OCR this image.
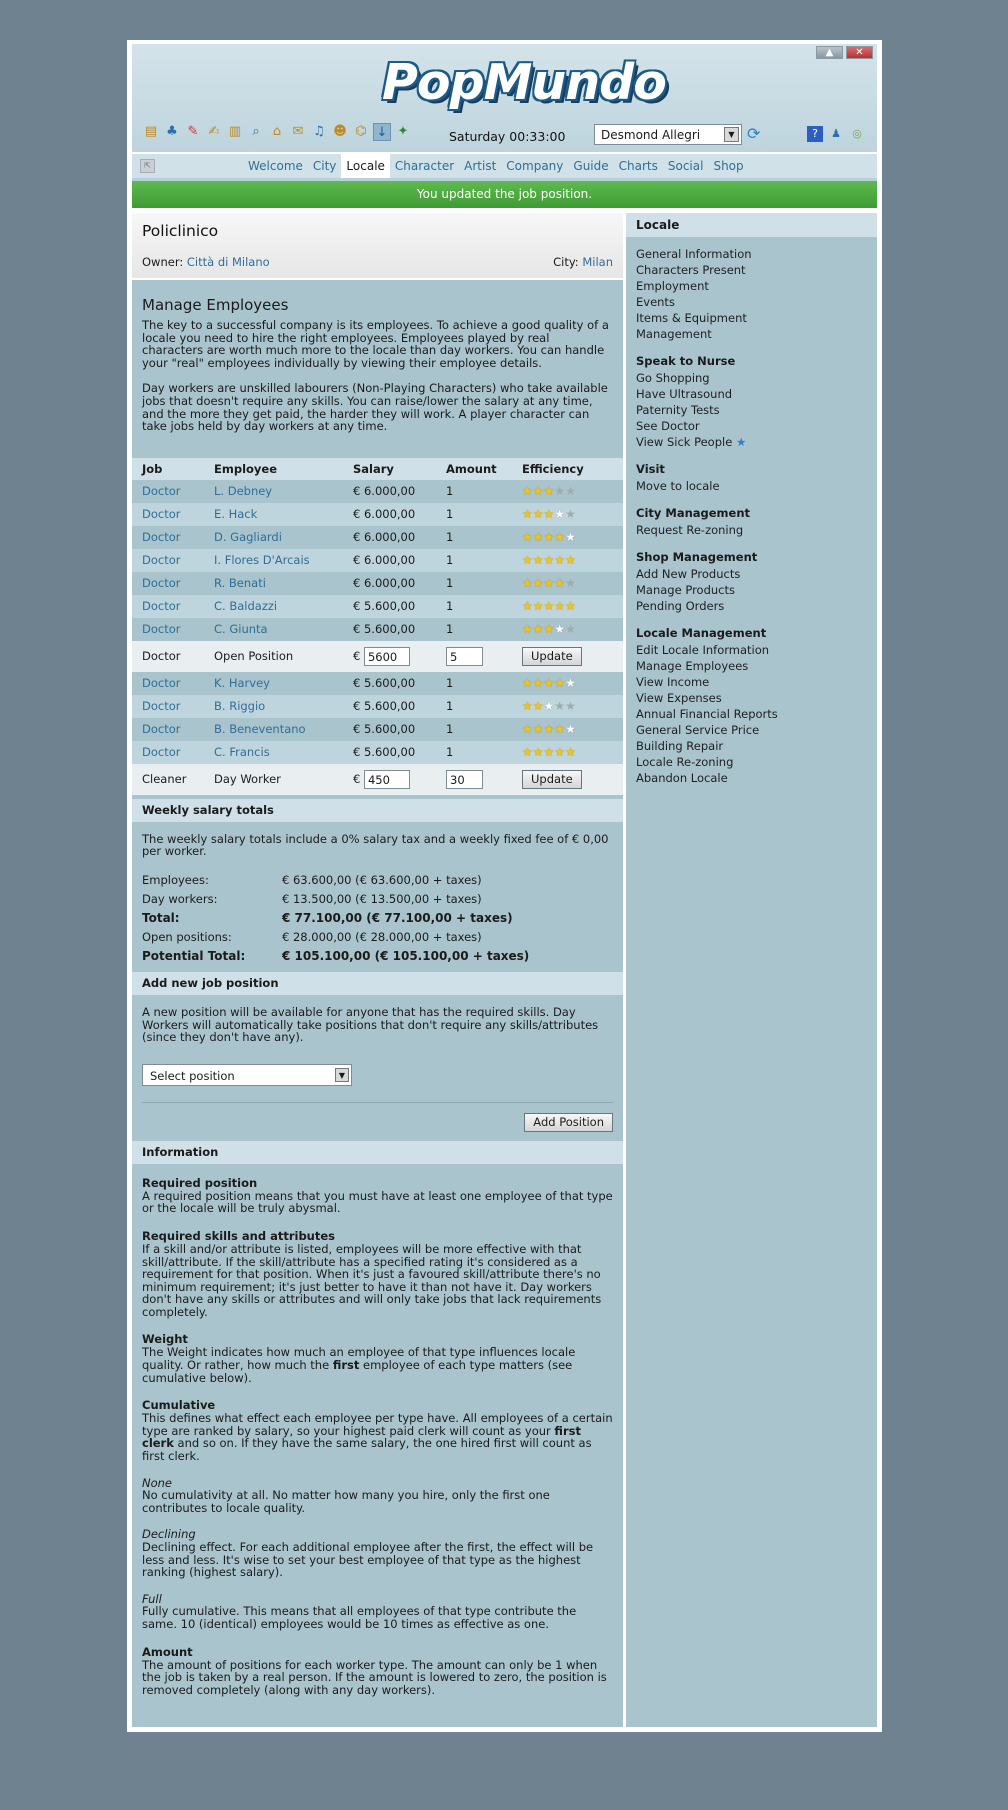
▲	✕
PopMundo
▤ ♣ ✎ ✍ ▥ ⌕	⌂ ✉ ♫ ☻ ⌬ ↓ ✦	Saturday 00:33:00	Desmond Allegri	▼ ⟳	?	♟ ◎
⇱	Welcome City Locale Character Artist Company Guide Charts Social Shop
You updated the job position.
Policlinico
Owner: Città di Milano	City: Milan
Manage Employees

The key to a successful company is its employees. To achieve a good quality of a locale you need to hire the right employees. Employees played by real characters are worth much more to the locale than day workers. You can handle your "real" employees individually by viewing their employee details.

Day workers are unskilled labourers (Non-Playing Characters) who take available jobs that doesn't require any skills. You can raise/lower the salary at any time, and the more they get paid, the harder they will work. A player character can take jobs held by day workers at any time.

Job	Employee	Salary	Amount	Efficiency
Doctor	L. Debney	€ 6.000,00	1	★★★★★
Doctor	E. Hack	€ 6.000,00	1	★★★★★
Doctor	D. Gagliardi	€ 6.000,00	1	★★★★★
Doctor	I. Flores D'Arcais	€ 6.000,00	1	★★★★★
Doctor	R. Benati	€ 6.000,00	1	★★★★★
Doctor	C. Baldazzi	€ 5.600,00	1	★★★★★
Doctor	C. Giunta	€ 5.600,00	1	★★★★★
Doctor	Open Position	€ 5600	5	Update
Doctor	K. Harvey	€ 5.600,00	1	★★★★★
Doctor	B. Riggio	€ 5.600,00	1	★★★★★
Doctor	B. Beneventano	€ 5.600,00	1	★★★★★
Doctor	C. Francis	€ 5.600,00	1	★★★★★
Cleaner	Day Worker	€ 450	30	Update
Weekly salary totals

The weekly salary totals include a 0% salary tax and a weekly fixed fee of € 0,00 per worker.

Employees:	€ 63.600,00 (€ 63.600,00 + taxes)
Day workers:	€ 13.500,00 (€ 13.500,00 + taxes)
Total:	€ 77.100,00 (€ 77.100,00 + taxes)
Open positions:	€ 28.000,00 (€ 28.000,00 + taxes)
Potential Total:	€ 105.100,00 (€ 105.100,00 + taxes)
Add new job position

A new position will be available for anyone that has the required skills. Day Workers will automatically take positions that don't require any skills/attributes (since they don't have any).

Select position	▼
Add Position
Information
Required position

A required position means that you must have at least one employee of that type or the locale will be truly abysmal.

Required skills and attributes

If a skill and/or attribute is listed, employees will be more effective with that skill/attribute. If the skill/attribute has a specified rating it's considered as a requirement for that position. When it's just a favoured skill/attribute there's no minimum requirement; it's just better to have it than not have it. Day workers don't have any skills or attributes and will only take jobs that lack requirements completely.

Weight

The Weight indicates how much an employee of that type influences locale quality. Or rather, how much the first employee of each type matters (see cumulative below).

Cumulative

This defines what effect each employee per type have. All employees of a certain type are ranked by salary, so your highest paid clerk will count as your first clerk and so on. If they have the same salary, the one hired first will count as first clerk.

None

No cumulativity at all. No matter how many you hire, only the first one contributes to locale quality.

Declining

Declining effect. For each additional employee after the first, the effect will be less and less. It's wise to set your best employee of that type as the highest ranking (highest salary).

Full

Fully cumulative. This means that all employees of that type contribute the same. 10 (identical) employees would be 10 times as effective as one.

Amount

The amount of positions for each worker type. The amount can only be 1 when the job is taken by a real person. If the amount is lowered to zero, the position is removed completely (along with any day workers).

Locale
General Information
Characters Present
Employment
Events
Items & Equipment
Management
Speak to Nurse
Go Shopping
Have Ultrasound
Paternity Tests
See Doctor
View Sick People ★
Visit
Move to locale
City Management
Request Re-zoning
Shop Management
Add New Products
Manage Products
Pending Orders
Locale Management
Edit Locale Information
Manage Employees
View Income
View Expenses
Annual Financial Reports
General Service Price
Building Repair
Locale Re-zoning
Abandon Locale
